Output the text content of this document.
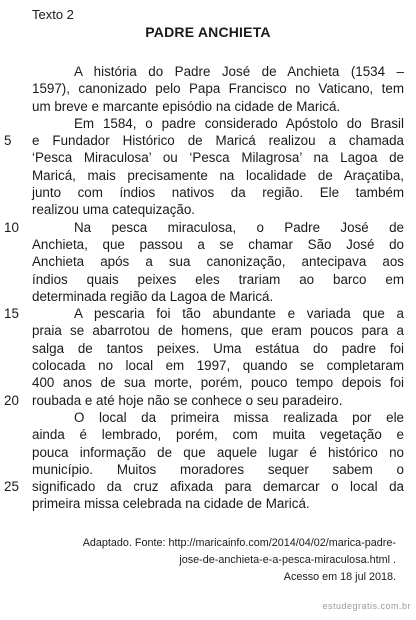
Texto 2
PADRE ANCHIETA
A história do Padre José de Anchieta (1534 –
1597), canonizado pelo Papa Francisco no Vaticano, tem
um breve e marcante episódio na cidade de Maricá.
Em 1584, o padre considerado Apóstolo do Brasil
5	e Fundador Histórico de Maricá realizou a chamada
‘Pesca Miraculosa’ ou ‘Pesca Milagrosa’ na Lagoa de
Maricá, mais precisamente na localidade de Araçatiba,
junto com índios nativos da região. Ele também
realizou uma catequização.
10	Na pesca miraculosa, o Padre José de
Anchieta, que passou a se chamar São José do
Anchieta após a sua canonização, antecipava aos
índios quais peixes eles trariam ao barco em
determinada região da Lagoa de Maricá.
15	A pescaria foi tão abundante e variada que a
praia se abarrotou de homens, que eram poucos para a
salga de tantos peixes. Uma estátua do padre foi
colocada no local em 1997, quando se completaram
400 anos de sua morte, porém, pouco tempo depois foi
20 roubada e até hoje não se conhece o seu paradeiro.
O local da primeira missa realizada por ele
ainda é lembrado, porém, com muita vegetação e
pouca informação de que aquele lugar é histórico no
município. Muitos moradores sequer sabem o
25 significado da cruz afixada para demarcar o local da
primeira missa celebrada na cidade de Maricá.
Adaptado. Fonte: http://maricainfo.com/2014/04/02/marica-padre-
jose-de-anchieta-e-a-pesca-miraculosa.html .
Acesso em 18 jul 2018.
estudegratis.com.br
